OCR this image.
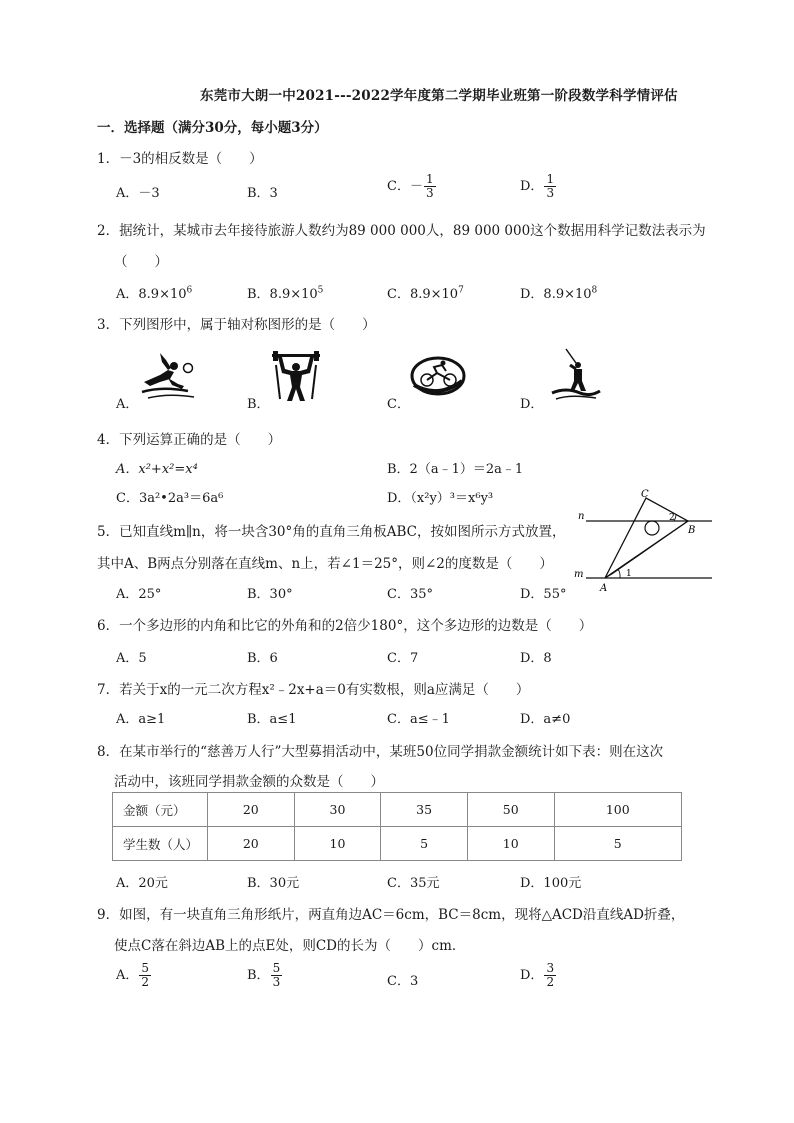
东莞市大朗一中2021---2022学年度第二学期毕业班第一阶段数学科学情评估
一．选择题（满分30分，每小题3分）
1．－3的相反数是（　　）
A．－3	B．3	C．－ $\frac{1}{3}$	D． $\frac{1}{3}$
2．据统计，某城市去年接待旅游人数约为89 000 000人，89 000 000这个数据用科学记数法表示为
（　　）
A．$8.9\times 10^6$	B．$8.9\times 10^5$	C．$8.9\times 10^7$	D．$8.9\times 10^8$
3．下列图形中，属于轴对称图形的是（　　）
A．	B．	C．	D．
4．下列运算正确的是（　　）
A．x²+x²=x⁴	B．2（a﹣1）＝2a﹣1
C．3a²•2a³＝6a⁶	D．（x²y）³＝x⁶y³
5．已知直线m∥n，将一块含30°角的直角三角板ABC，按如图所示方式放置，
其中A、B两点分别落在直线m、n上，若∠1＝25°，则∠2的度数是（　　）
A．25°	B．30°	C．35°	D．55°
n
m
C
B
A
1
2
6．一个多边形的内角和比它的外角和的2倍少180°，这个多边形的边数是（　　）
A．5	B．6	C．7	D．8
7．若关于x的一元二次方程x²﹣2x+a＝0有实数根，则a应满足（　　）
A．a≥1	B．a≤1	C．a≤﹣1	D．a≠0
8．在某市举行的“慈善万人行”大型募捐活动中，某班50位同学捐款金额统计如下表：则在这次
活动中，该班同学捐款金额的众数是（　　）
金额（元）	20	30	35	50	100
学生数（人）	20	10	5	10	5
A．20元	B．30元	C．35元	D．100元
9．如图，有一块直角三角形纸片，两直角边AC＝6cm，BC＝8cm，现将△ACD沿直线AD折叠，
使点C落在斜边AB上的点E处，则CD的长为（　　）cm．
A． $\frac{5}{2}$	B． $\frac{5}{3}$	C．3	D． $\frac{3}{2}$
